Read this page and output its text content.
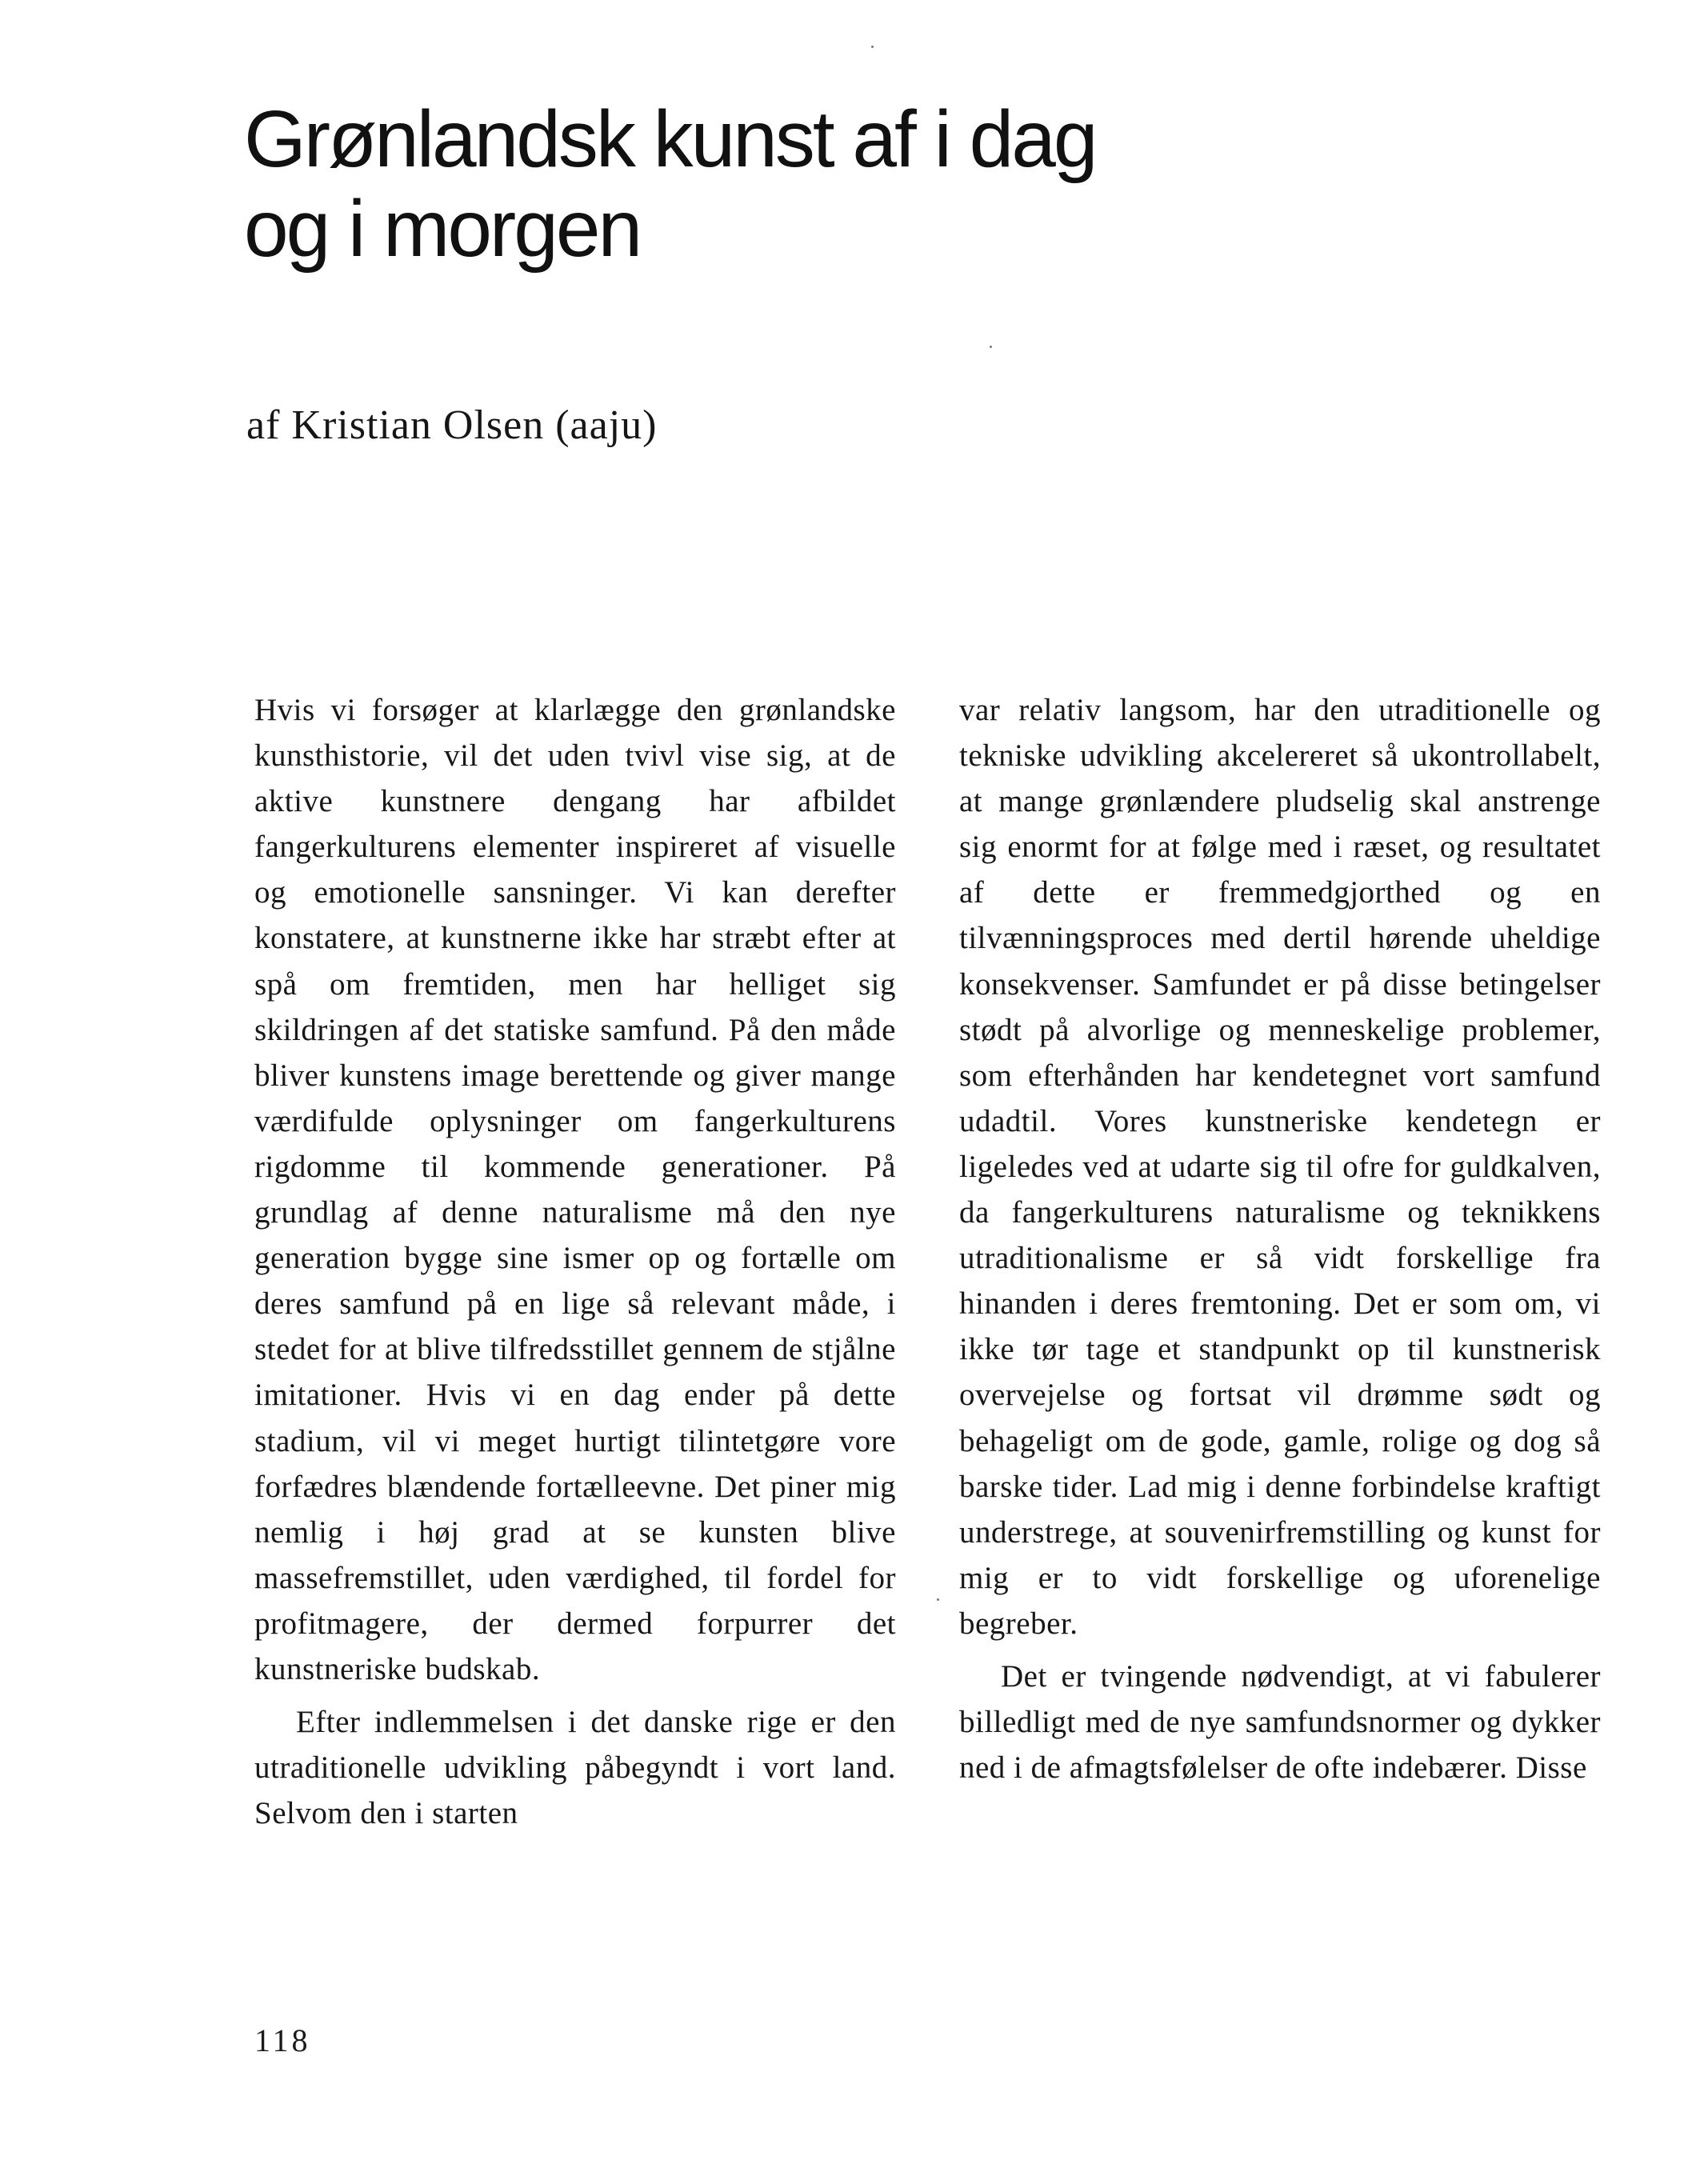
Grønlandsk kunst af i dag
og i morgen

af Kristian Olsen (aaju)

Hvis vi forsøger at klarlægge den grønlandske kunsthistorie, vil det uden tvivl vise sig, at de aktive kunstnere dengang har afbildet fangerkulturens elementer inspireret af visuelle og emotionelle sansninger. Vi kan derefter konstatere, at kunstnerne ikke har stræbt efter at spå om fremtiden, men har helliget sig skildringen af det statiske samfund. På den måde bliver kunstens image berettende og giver mange værdifulde oplysninger om fangerkulturens rigdomme til kommende generationer. På grundlag af denne naturalisme må den nye generation bygge sine ismer op og fortælle om deres samfund på en lige så relevant måde, i stedet for at blive tilfredsstillet gennem de stjålne imitationer. Hvis vi en dag ender på dette stadium, vil vi meget hurtigt tilintetgøre vore forfædres blændende fortælleevne. Det piner mig nemlig i høj grad at se kunsten blive massefremstillet, uden værdighed, til fordel for profitmagere, der dermed forpurrer det kunstneriske budskab.

Efter indlemmelsen i det danske rige er den utraditionelle udvikling påbegyndt i vort land. Selvom den i starten

var relativ langsom, har den utraditionelle og tekniske udvikling akcelereret så ukontrollabelt, at mange grønlændere pludselig skal anstrenge sig enormt for at følge med i ræset, og resultatet af dette er fremmedgjorthed og en tilvænningsproces med dertil hørende uheldige konsekvenser. Samfundet er på disse betingelser stødt på alvorlige og menneskelige problemer, som efterhånden har kendetegnet vort samfund udadtil. Vores kunstneriske kendetegn er ligeledes ved at udarte sig til ofre for guldkalven, da fangerkulturens naturalisme og teknikkens utraditionalisme er så vidt forskellige fra hinanden i deres fremtoning. Det er som om, vi ikke tør tage et standpunkt op til kunstnerisk overvejelse og fortsat vil drømme sødt og behageligt om de gode, gamle, rolige og dog så barske tider. Lad mig i denne forbindelse kraftigt understrege, at souvenirfremstilling og kunst for mig er to vidt forskellige og uforenelige begreber.

Det er tvingende nødvendigt, at vi fabulerer billedligt med de nye samfundsnormer og dykker ned i de afmagtsfølelser de ofte indebærer. Disse

118
